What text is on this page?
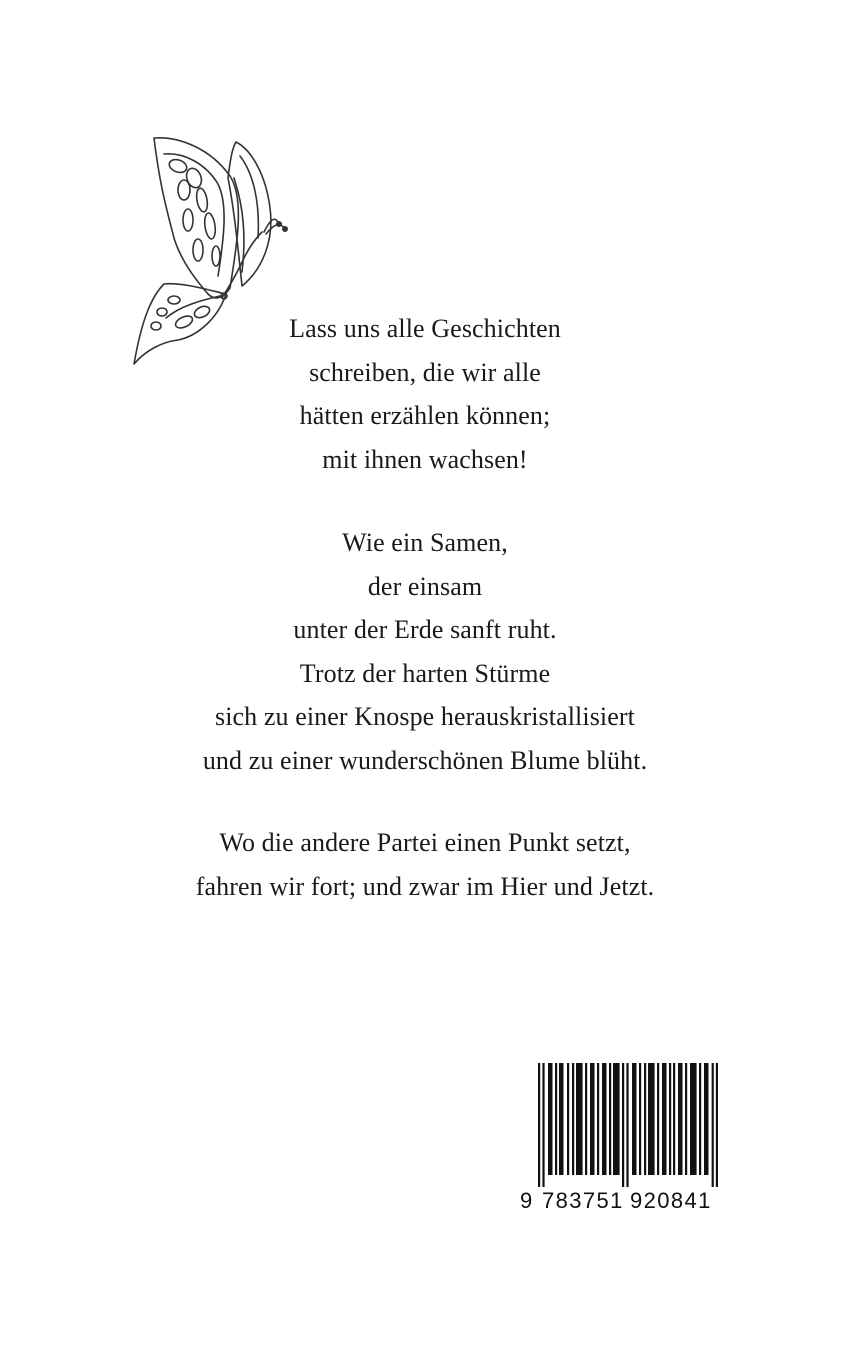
Lass uns alle Geschichten
schreiben, die wir alle
hätten erzählen können;
mit ihnen wachsen!
Wie ein Samen,
der einsam
unter der Erde sanft ruht.
Trotz der harten Stürme
sich zu einer Knospe herauskristallisiert
und zu einer wunderschönen Blume blüht.
Wo die andere Partei einen Punkt setzt,
fahren wir fort; und zwar im Hier und Jetzt.
9 783751 920841
